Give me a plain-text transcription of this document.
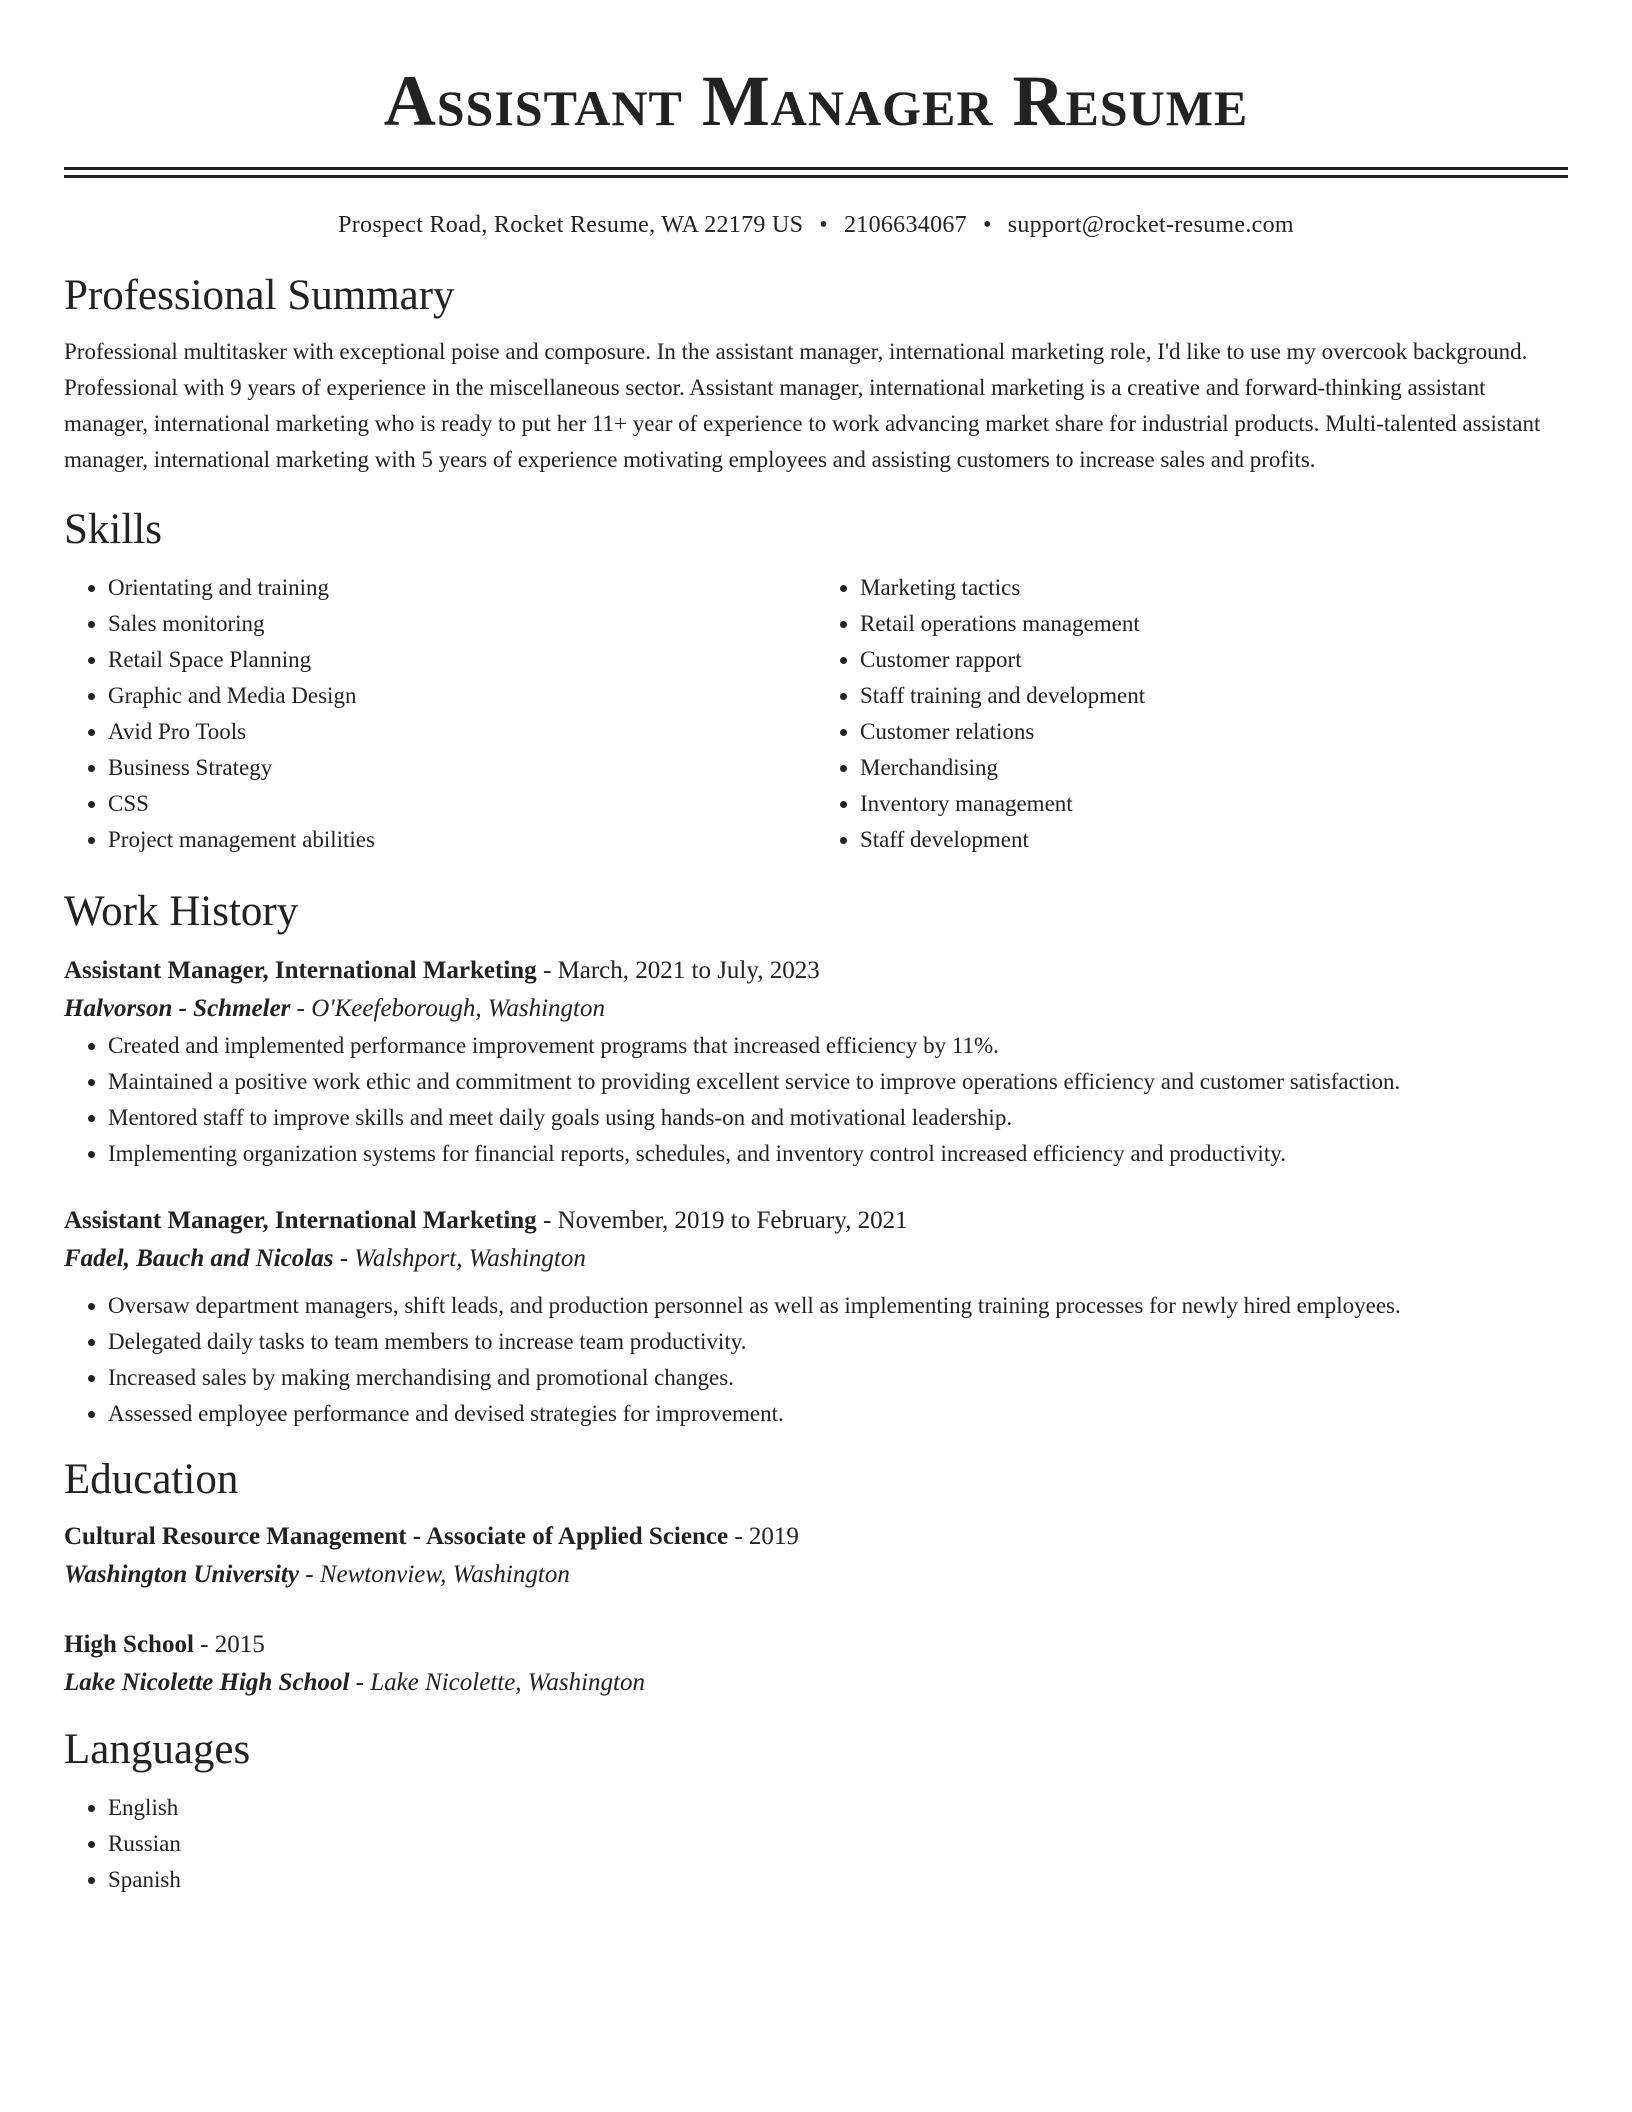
Assistant Manager Resume
Prospect Road, Rocket Resume, WA 22179 US • 2106634067 • support@rocket-resume.com
Professional Summary

Professional multitasker with exceptional poise and composure. In the assistant manager, international marketing role, I'd like to use my overcook background. Professional with 9 years of experience in the miscellaneous sector. Assistant manager, international marketing is a creative and forward-thinking assistant manager, international marketing who is ready to put her 11+ year of experience to work advancing market share for industrial products. Multi-talented assistant manager, international marketing with 5 years of experience motivating employees and assisting customers to increase sales and profits.

Skills
• Orientating and training
• Sales monitoring
• Retail Space Planning
• Graphic and Media Design
• Avid Pro Tools
• Business Strategy
• CSS
• Project management abilities
• Marketing tactics
• Retail operations management
• Customer rapport
• Staff training and development
• Customer relations
• Merchandising
• Inventory management
• Staff development
Work History
Assistant Manager, International Marketing - March, 2021 to July, 2023
Halvorson - Schmeler - O'Keefeborough, Washington
• Created and implemented performance improvement programs that increased efficiency by 11%.
• Maintained a positive work ethic and commitment to providing excellent service to improve operations efficiency and customer satisfaction.
• Mentored staff to improve skills and meet daily goals using hands-on and motivational leadership.
• Implementing organization systems for financial reports, schedules, and inventory control increased efficiency and productivity.
Assistant Manager, International Marketing - November, 2019 to February, 2021
Fadel, Bauch and Nicolas - Walshport, Washington
• Oversaw department managers, shift leads, and production personnel as well as implementing training processes for newly hired employees.
• Delegated daily tasks to team members to increase team productivity.
• Increased sales by making merchandising and promotional changes.
• Assessed employee performance and devised strategies for improvement.
Education
Cultural Resource Management - Associate of Applied Science - 2019
Washington University - Newtonview, Washington
High School - 2015
Lake Nicolette High School - Lake Nicolette, Washington
Languages
• English
• Russian
• Spanish
